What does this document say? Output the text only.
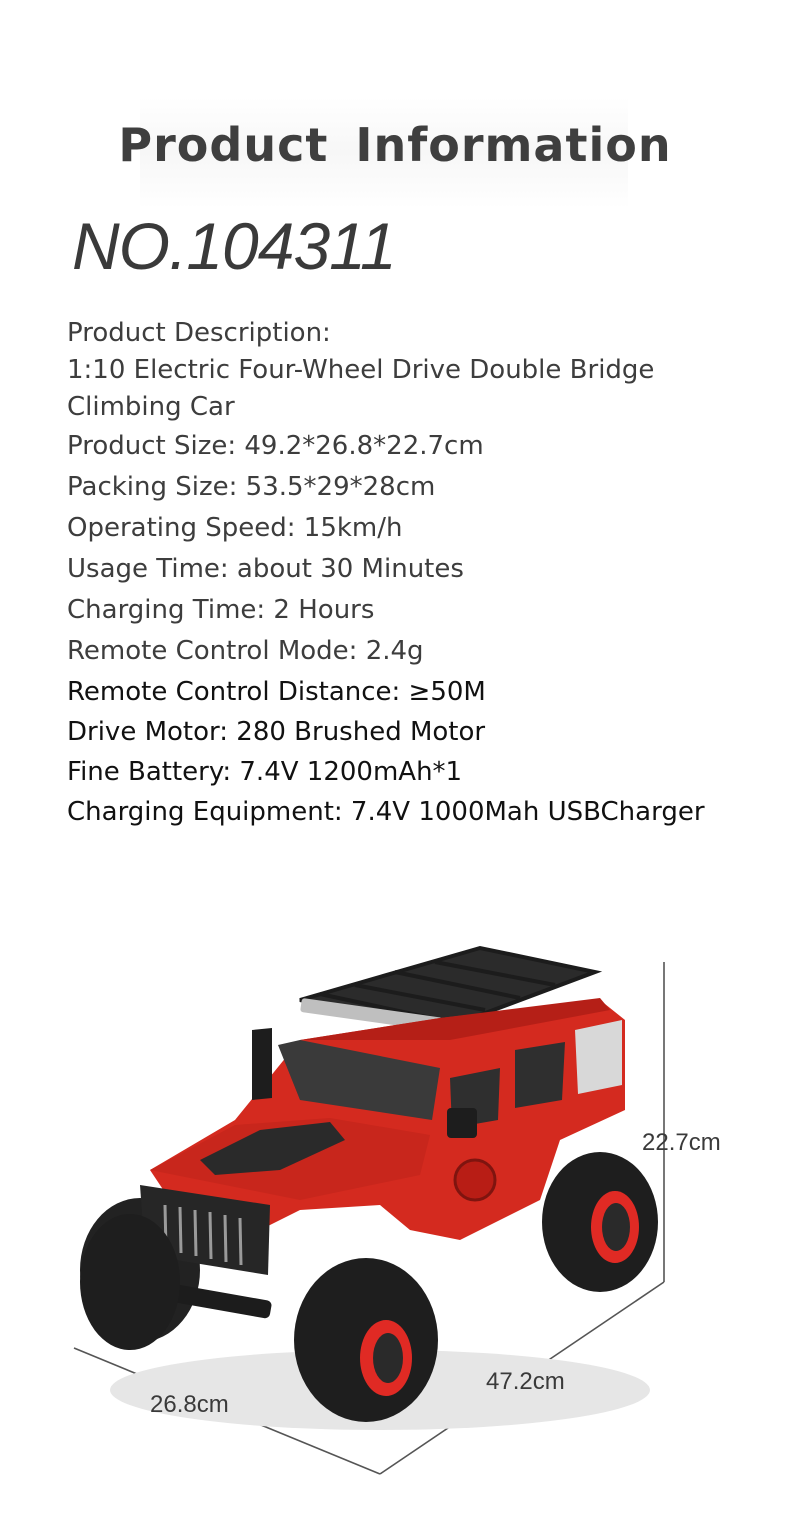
Product Information
NO.104311
Product Description:
1:10 Electric Four-Wheel Drive Double Bridge
Climbing Car
Product Size: 49.2*26.8*22.7cm
Packing Size: 53.5*29*28cm
Operating Speed: 15km/h
Usage Time: about 30 Minutes
Charging Time: 2 Hours
Remote Control Mode: 2.4g
Remote Control Distance: ≥50M
Drive Motor: 280 Brushed Motor
Fine Battery: 7.4V 1200mAh*1
Charging Equipment: 7.4V 1000Mah USBCharger
22.7cm
47.2cm
26.8cm
